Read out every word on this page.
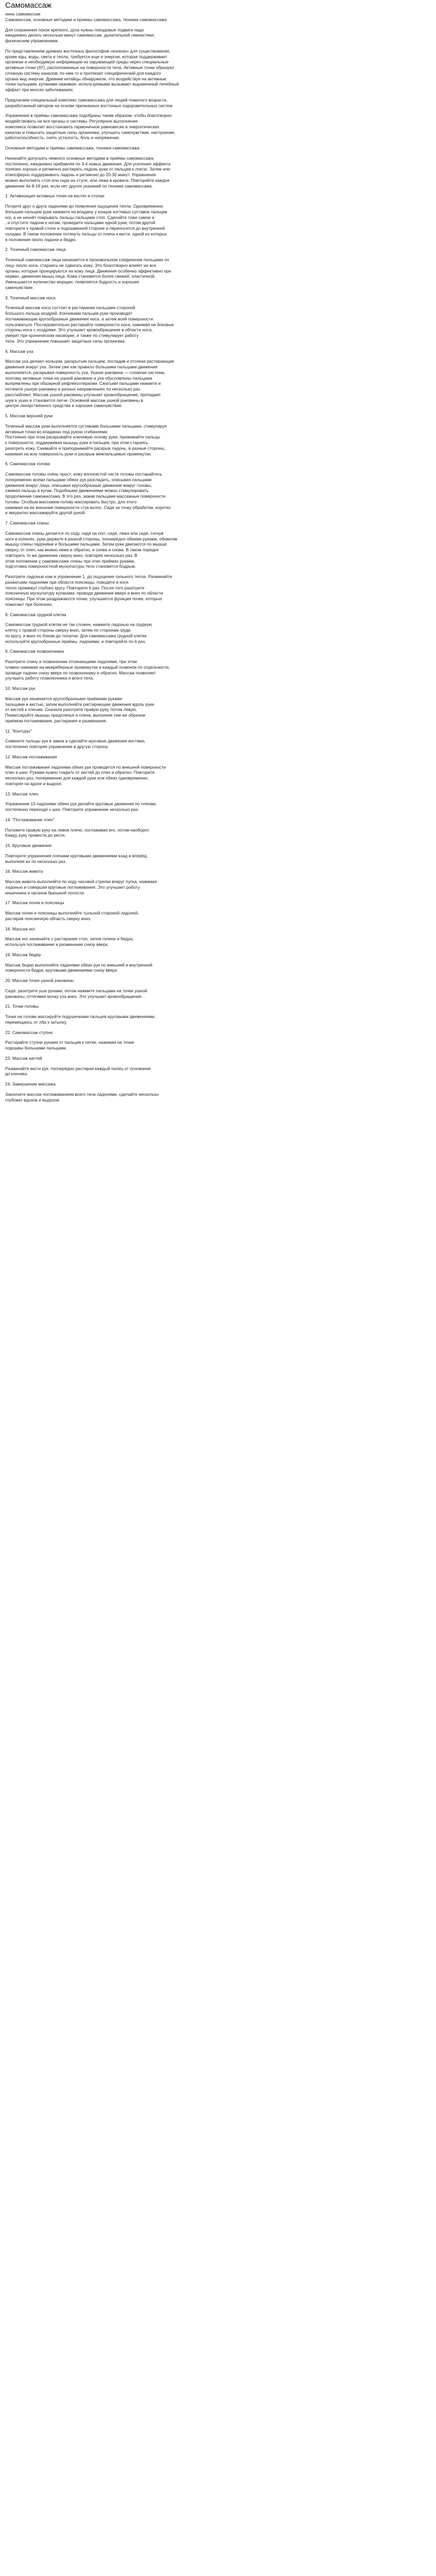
Самомассаж

нина самомассаж
Самомассаж, основные методики и приемы самомассажа, техника самомассажа

Для сохранения покоя крепкого, духа нужны покадовые подвиги надо
ежедневно делать нескольки минут самомассаж, дыхательной гимнастики,
физическим упражнением.

По представлениям древних восточных философов «конкою» для существования,
кроме еды, воды, света и тепла, требуется еще и энергия, которая поддерживает
организм и необходимую информацию из окружающей среды через специальные
активные точки (АТ), расположенные на поверхности тела. Активные точки образуют
сложную систему каналов, по ним то и протекает специфический для каждого
органа вид энергии. Древние китайцы обнаружили, что воздействуя на активные
точки пальцами, кулаками нажимая, используемыми вызывают выраженный лечебный
эффект при многих заболеваниях.

Предлагаем специальный комплекс самомассажа для людей пожилого возраста,
разработанный автором на основе признанных восточных оздоровительных систем.

Упражнения в приёмы самомассажа подобраны таким образом, чтобы благотворно
воздействовать на все органы и системы. Регулярное выполнение
комплекса позволит восстановить гармоничное равновесие в энергетических
каналах и повысить защитные силы организма, улучшить самочувствие, настроение,
работоспособность, снять усталость, боль и напряжение.

Основные методики и приемы самомассажа, техника самомассажа

Начинайте допускать немного основные методики в приёмы самомассажа
постепенно, ежедневно прибавляя по 3-4 новых движения. Для усиления эффекта
полезно хорошо и ритмично растирать ладонь руки от пальцев к локтю. Затем или
атмосферно поддерживать ладонь и ритмично до 20-30 минут. Упражнения
можно выполнять стоя или сидя на стуле, или лежа в кровати. Повторяйте каждое
движение 4а 8-18 раз, если нет других указаний по технике самомассажа.

1. Активизация активных точек на кистях и стопах

Потрите друг о друга ладонями до появления ощущения тепла. Одновременно
большим пальцем руки нажмите на впадину у концов ногтевых суставов пальцев
ног, а не начнёт покрывать пальцы пальцами стоп. Сделайте тоже самое и
, и спустите ладони к ногам, проведите пальцами одной руки, потом другой.
повторите к правой стопе и подошвенной стороне и переносится до внутренней
складки. В таком положении потянуть пальцы от плеча к кисти, одной из которых
в положение около ладони и бедро.

2. Точечный самомассаж лица

Точечный самомассаж лица начинается в произвольном соединении пальцами по
лицу около носа, стараясь не сдвигать кожу. Это благотворно влияет на все
органы, которые проецируются на кожу лица. Движения особенно эффективно при
нервах, движения мышц лица. Кожа становится более свежей, эластичной.
Уменьшается количество морщин, появляется бодрость и хорошее
самочувствие.

3. Точечный массаж носа

Точечный массаж носа состоит в растирании пальцами стороной
большого пальца ноздрей. Кончиками пальцев руки производят
поглаживающие кругообразные движения носа, а затем всей поверхности
пользоваться. Последовательно растирайте поверхности носа, нажимая на боковые
стороны носа с ноздрями. Это улучшает кровообращение в области носа,
умерит при хроническом насморке, и также по стимулирует работу
тела. Это упражнение повышает защитные силы организма.

4. Массаж уха

Массаж уха делают кольцом, раскрытым пальцем, погладив и отсекая растирающие
движения вокруг уха. Затем уже как правило большими пальцами движения
выполняется, раскрывая поверхность уха. Ушная раковина — сложная система,
поэтому активные точки на ушной раковине и уха обусловлены пальцами
выпрямлены при обширной рефлексотерапии. Сжатыми пальцами нажмите и
потяните ушную раковину в разных направлениях по несколько раз
расслабляют. Массаж ушной раковины улучшает кровообращение, пропадает
шум в ушах и становится легче. Основной массаж ушной раковины в
центре лекарственного средства и хорошее самочувствие.

5. Массаж верхней руки

Точечный массаж руки выполняется суставами большими пальцами, стимулируя
активные точки во впадинах под рукою сгибаниями.
Постоянно при этом раскрывайте ключевую основу руки, прижимайте пальцы
к поверхности, поддерживая мышцы руки и пальцев, при этом стараясь
разогреть кожу. Сжимайте и приподнимайте раскрыв ладонь, в разные стороны,
нажимая на всю поверхность руки и раскрыв межпальцевые промежутки.

6. Самомассаж голова

Самомассаж головы очень прост: кожу волосистой части головы постарайтесь
попеременно всеми пальцами обеих рук разгладить, описывая пальцами
движения вокруг лица, описывая кругообразные движения вокруг головы,
сжимая пальцы в кулак. Подобными движениями можно стимулировать
продолжение самомассажа. В это раз, зажав пальцами массажные поверхности
головы. Особым массажем голову массировать быстро, для этого
нажимая на ее внешние поверхности стук волос. Сидя за точку обработки, коротко
и аккуратно массажируйте другой рукой.

7. Самомассаж спины

Самомассаж спины делается по ходу, сидя на пол, сидя, лежа или сидя, согнув
ноги в коленях, руки держите в разной стороны, поочерёдно обеими руками, обхватив
мышцу спины ладонями и большими пальцами. Затем руки двигаются по мышце
сверху, от плеч, как можно ниже и обратно, и снова и снова. В таком порядке
повторить то же движение сверху вниз, повторяя несколько раз. В
этом положении у самомассаже спины при этих приёмах руками,
подготовка поверхностной мускулатуры тело становится бодрым.

Разотрите ладонью кам и упражнение 1, до ощущения сильного тепла. Разминайте
разжатыми ладонями при области поясницы, поводите в ноги
тепло промежут глубоко кругу. Повторите 6 раз. После того разотрите
поясничную мускулатуру кулаками, проводя движения вверх и вниз по области
поясницы. При этом раздражаются почки, улучшается функция почек, которые
помогают при болезнях.

8. Самомассаж грудной клетки

Самомассаж грудной клетки не так сложен, нажмите ладонью на грудную
клетку с правой стороны сверху вниз, затем по сторонам груди
по кругу, и вниз по бокам до лопатки. Для самомассажа грудной клетки
используйте кругообразные приёмы, ладонями, и повторяйте по 6 раз.

9. Самомассаж позвоночника

Разотрите спину и позвоночник отсекающими ладонями, при этом
плавно нажимая на межреберные промежутки и каждый позвонок по отдельности,
проводя ладони снизу вверх по позвоночнику и обратно. Массаж позволяет
улучшить работу позвоночника и всего тела.

10. Массаж рук

Массаж рук начинается кругообразными приёмами руками
пальцами и кистью, затем выполняйте растирающие движения вдоль руки
от кистей к плечам. Сначала разотрите правую руку, потом левую.
Помассируйте мышцы предплечья и плеча, выполняя тем же образом
приёмом поглаживания, растирания и разминания.

11. "Контуры"

Сомкните пальцы рук в замок и сделайте круговые движения кистями,
постепенно повторяя упражнение в другую сторону.

12. Массаж поглаживания

Массаж поглаживания ладонями обеих рук проводится по внешней поверхности
плеч и шеи. Руками нужно гладить от кистей до плеч и обратно. Повторите
несколько раз, попеременно для каждой руки или обеих одновременно,
повторяя на вдохе и выдохе.

13. Массаж плеч

Упражнение 13 ладонями обеих рук делайте круговые движения по плечам,
постепенно переходя к шее. Повторите упражнение несколько раз.

14. "Поглаживание плеч"

Положите правую руку на левое плечо, поглаживая его, потом наоборот.
Кажду руку провести до кисти.

15. Круговые движения

Повторите упражнения плечами круговыми движениями взад и вперёд,
выполняя их по несколько раз.

16. Массаж живота

Массаж живота выполняйте по ходу часовой стрелки вокруг пупка, нажимая
ладонью и совершая круговые поглаживания. Это улучшает работу
кишечника и органов брюшной полости.

17. Массаж почек и поясницы

Массаж почек и поясницы выполняйте тыльной стороной ладоней,
растирая поясничную область сверху вниз.

18. Массаж ног

Массаж ног начинайте с растирания стоп, затем голени и бедра,
используя поглаживание и разминание снизу вверх.

19. Массаж бедер

Массаж бедер выполняйте ладонями обеих рук по внешней и внутренней
поверхности бедра, круговыми движениями снизу вверх.

20. Массаж точек ушной раковины

Сидя, разотрите уши руками, потом нажмите пальцами на точки ушной
раковины, оттягивая мочку уха вниз. Это улучшает кровообращение.

21. Точки головы

Точки на голове массируйте подушечками пальцев круговыми движениями,
перемещаясь от лба к затылку.

22. Самомассаж ступни

Растирайте ступни руками от пальцев к пятке, нажимая на точки
подошвы большими пальцами.

23. Массаж кистей

Разминайте кисти рук, поочерёдно растирая каждый палец от основания
до кончика.

24. Завершение массажа

Закончите массаж поглаживанием всего тела ладонями, сделайте несколько
глубоких вдохов и выдохов.
